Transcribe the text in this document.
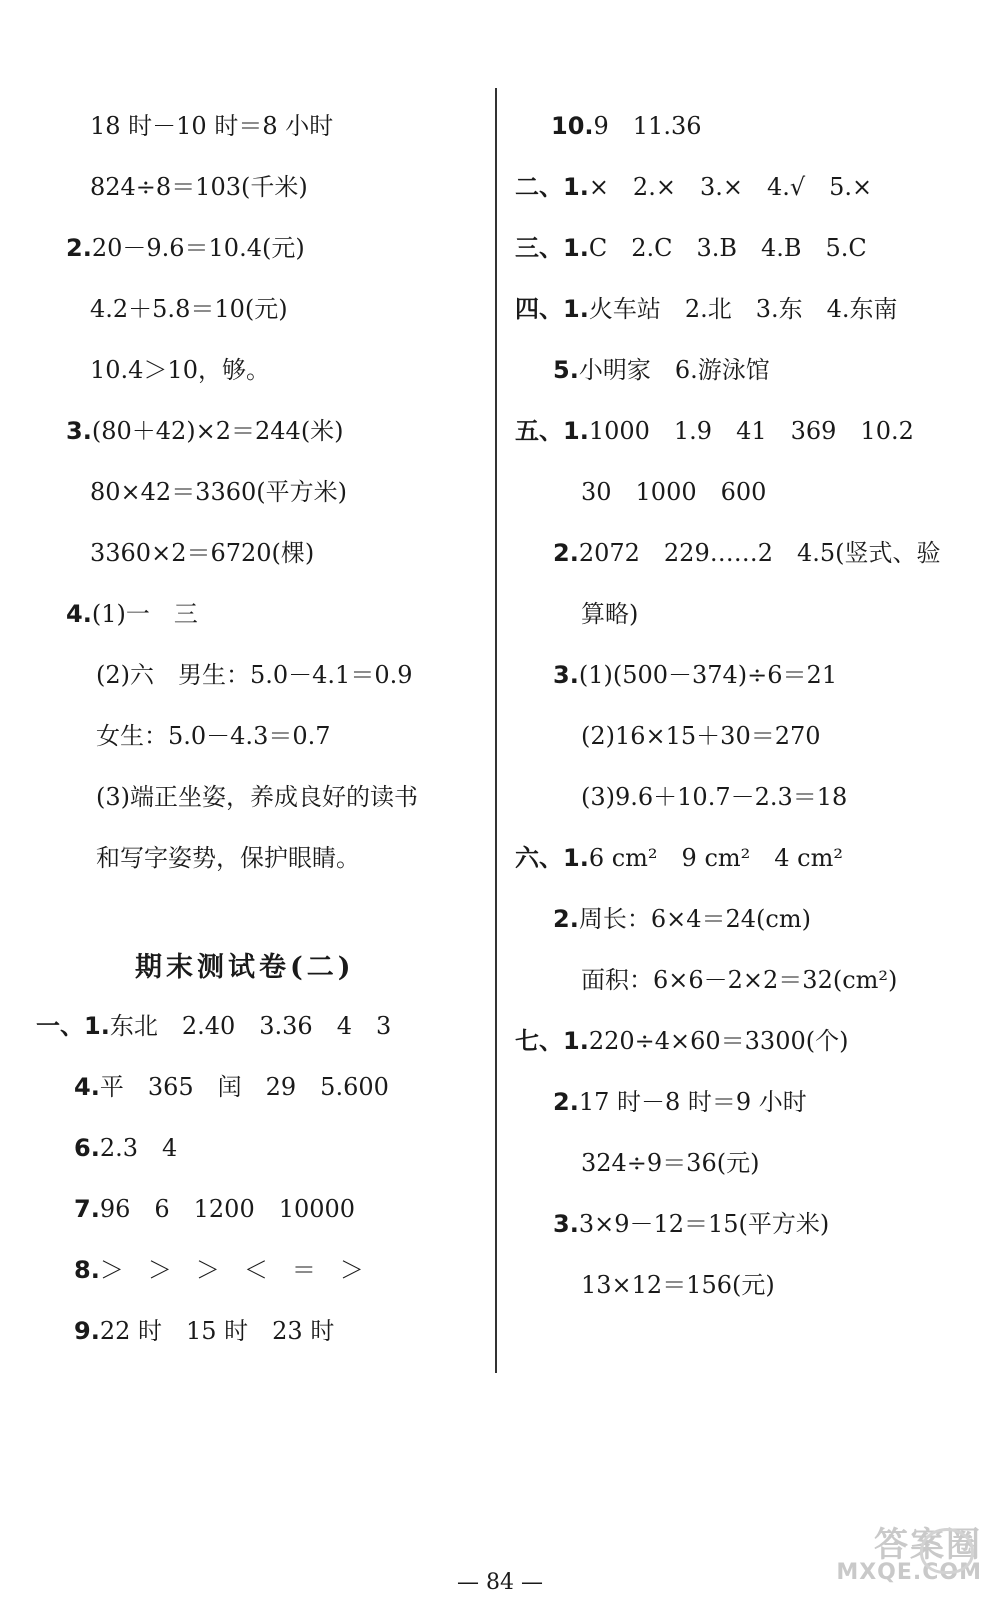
18 时－10 时＝8 小时
824÷8＝103(千米)
2.20－9.6＝10.4(元)
4.2＋5.8＝10(元)
10.4＞10，够。
3.(80＋42)×2＝244(米)
80×42＝3360(平方米)
3360×2＝6720(棵)
4.(1)一　三
(2)六　男生：5.0－4.1＝0.9
女生：5.0－4.3＝0.7
(3)端正坐姿，养成良好的读书
和写字姿势，保护眼睛。
期末测试卷(二)
一、1.东北　2.40　3.36　4　3
4.平　365　闰　29　5.600
6.2.3　4
7.96　6　1200　10000
8.＞　＞　＞　＜　＝　＞
9.22 时　15 时　23 时
10.9　11.36
二、1.×　2.×　3.×　4.√　5.×
三、1.C　2.C　3.B　4.B　5.C
四、1.火车站　2.北　3.东　4.东南
5.小明家　6.游泳馆
五、1.1000　1.9　41　369　10.2
30　1000　600
2.2072　229……2　4.5(竖式、验
算略)
3.(1)(500－374)÷6＝21
(2)16×15＋30＝270
(3)9.6＋10.7－2.3＝18
六、1.6 cm²　9 cm²　4 cm²
2.周长：6×4＝24(cm)
面积：6×6－2×2＝32(cm²)
七、1.220÷4×60＝3300(个)
2.17 时－8 时＝9 小时
324÷9＝36(元)
3.3×9－12＝15(平方米)
13×12＝156(元)
— 84 —
答案圈
MXQE.COM
